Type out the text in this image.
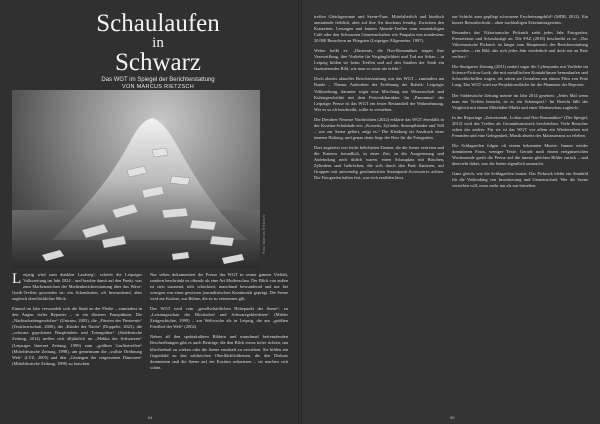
Schaulaufen
in
Schwarz
Das WGT im Spiegel der Berichterstattung
VON MARCUS RIETZSCH
Foto: Marcus Rietzsch
L eipzig wird zum dunklen Laufsteg“, schrieb die Leipziger Volkszeitung im Jahr 2024 – und brachte damit auf den Punkt, was zum Markenzeichen der Medienberichterstattung über das Wave-Gotik-Treffen geworden ist: ein Schaulaufen, oft bewundernd, aber zugleich oberflächlicher Blick.

Einmal im Jahr verwandelt sich die Stadt an der Pleiße – zumindest in den Augen vieler Reporter – in ein düsteres Panoptikum. Die „Nachtschattengewächse“ (Unicum, 2003), die „Fürsten der Finsternis“ (Textilwirtschaft, 2006), die „Kinder der Nacht“ (Doppelte, 2023), die „schwarz gepolsterte Burgfräulein und Totengräber“ (Süddeutsche Zeitung, 2014) treffen sich alljährlich im „Mekka der Schwarzen“ (Leipziger Internet Zeitung, 1999) zum „größten Gruftietreffen“ (Mitteldeutsche Zeitung, 1998), um gemeinsam die „vollste Dröhnung Welt“ (LVZ, 2005) und den „Gesängen der vergessenen Dämonen“ (Mitteldeutsche Zeitung, 1998) zu lauschen.

Nur selten dokumentiert die Presse das WGT in seiner ganzen Vielfalt, sondern beschränkt es oftmals als eine Art Modenschau. Der Blick von außen ist stets staunend, teils schockiert, manchmal bewundernd und nur bei wenigen von einer gewissen journalistischen Kontinuität geprägt. Die Szene wird zur Kulisse, zur Bühne, die es zu vermessen gilt.

Das WGT wird vom „gesellschaftlichen Höhepunkt der Szene“, zu „Leistungsschau der Blocksdorf und Schwarzgekleideten“ (Mittler Zeitgeschichte, 1999) – zur Weltwoche als in Leipzig, die aus „größten Friedhof der Welt“ (2002).

Neben all den spektakulären Bildern und manchmal befremdenden Beschreibungen gibt es auch Beiträge, die den Blick etwas tiefer richten, um klischeehaft zu wirken oder die Szene ernsthaft zu verstehen. Sie bilden ein Gegenbild zu den zahlreichen Oberflächlichkeiten, die den Diskurs dominieren und die Szene auf ein Kostüm reduzieren – sie machen sich schön.

54

treffen Gleichgesinnte und Szene-Fans. Mittelalterlich und kindisch anmutende fröhlich, aber auf ihre Art durchaus freudig. Zwischen den Konzerten, Lesungen und bunten Abende-Treffen zum rosenduftigen Café oder den Schwarzen Gemeinschaften wie Panpalia von mindestens 20.000 Besuchern an Pfingsten (Leipziger Allgemeine, 1997).

Weiter heißt es: „Düsternis, die Neo-Romantiker tragen ihre Verzweiflung, ihre Vorliebe für Vergänglichkeit und Tod zur Schau – in Leipzig bilden sie beim Treffen und auf den Straßen der Stadt ein faszinierendes Bild, wie man es sonst nie erlebt.“

Doch abseits aktueller Berichterstattung war das WGT – zumindest am Rande – Thema. Außerdem der Eröffnung der Rubrik: Leipziger Volkszeitung, darunter sogar eine Mischung aus Wissenschaft und Kulturgeschichte mit dem Festivalcharakter. Im „Panorama“ der Leipziger Presse ist das WGT ein fester Bestandteil der Wahrnehmung. Wer es so oft beschreibt, sollte es verstehen.

Die Dresdner Neueste Nachrichten (2022) erklärte das WGT ebenfalls in der Kostüm-Schublade ein: „Korsetts, Zylinder, Strumpfbänder und Tüll – wer zur Szene gehört, zeigt es.“ Die Kleidung sei Ausdruck einer inneren Haltung, und genau darin liege der Reiz für die Fotografen.

Dort angesetzt von leicht belichteten Damen, die die Szene vertreten und die Kamera freundlich, in einer Zeit, in der Ausgrenzung und Anfeindung noch üblich waren, einen Schauplatz mit Rüschen, Zylindern und Gehröcken, die sich durch den Park flanieren, auf Gruppen mit aufwendig geschmückten Steampunk-Accessoires achten. Die Fotografen halten fest, was sich erzählen lässt.

zur Schicht zum gepflegt schwarzen Erscheinungsbild“ (MDR, 2012). Ein kurzer Reiseabschnitt – ohne nachhaltigen Erkenntnisgewinn.

Besonders das Viktorianische Picknick zieht jedes Jahr Fotografen, Presseteams und Schaulustige an. Die FAZ (2018) beschreibt es so: „Das Viktorianische Picknick ist längst zum Hauptmotiv der Berichterstattung geworden – ein Bild, das sich jedes Jahr wiederholt und doch nie an Reiz verliert.“

Die Stuttgarter Zeitung (2011) notiert sogar die Cyberpunks mit Vorliebe im Science-Fiction-Look, die mit metallischen Kontaktlinsen herumlaufen und Schweißerbrillen tragen, als wären sie Gestalten aus einem Film von Fritz Lang. Das WGT wird zur Projektionsfläche für die Phantasie der Reporter.

Der Süddeutsche Zeitung meinte im Jahr 2014 gesehen: „Jedes Mal wenn man das Treffen besucht, ist es ein Schauspiel.“ Im Bericht fällt der Vergleich mit einem Mittelalter-Markt und einer Modenschau zugleich.

In der Reportage „Zeitreisende, Lolitas und Neo-Romantiker“ (Der Spiegel, 2012) wird das Treffen als Gesamtkunstwerk beschrieben. Viele Besucher sehen das anders: Für sie ist das WGT vor allem ein Wiedersehen mit Freunden und eine Gelegenheit, Musik abseits des Mainstreams zu erleben.

Die Schlagzeilen folgen oft einem bekannten Muster: Immer wieder dominieren Fotos, weniger Texte. Gerade nach einem ereignisreichen Wochenende greift die Presse auf die immer gleichen Bilder zurück – und übersieht dabei, was die Szene eigentlich ausmacht.

Ganz gleich, wie die Schlagzeilen lauten: Das Picknick bleibt ein Sinnbild für die Verbindung von Inszenierung und Gemeinschaft. Wer die Szene verstehen will, muss mehr tun als nur hinsehen.

55
